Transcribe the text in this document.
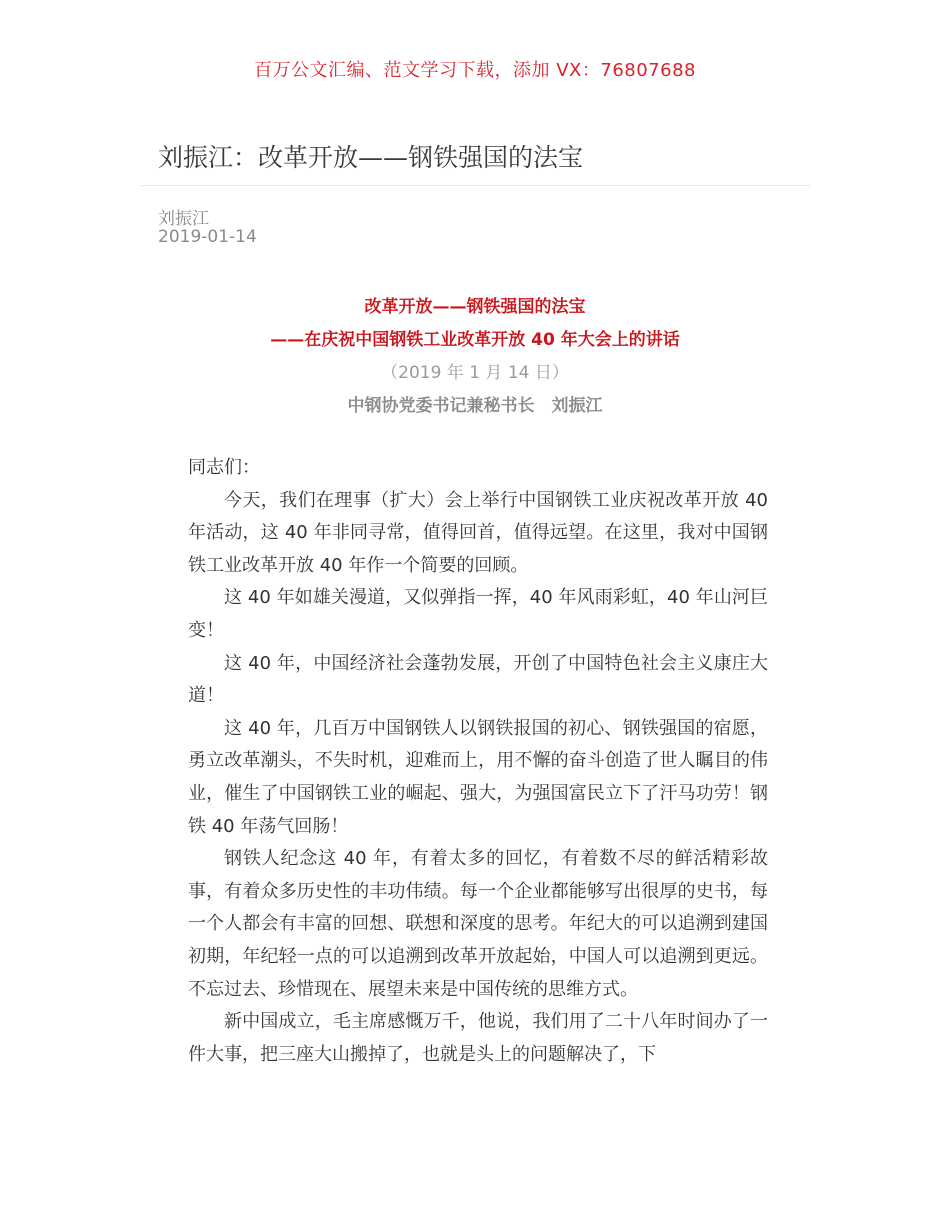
百万公文汇编、范文学习下载，添加 VX：76807688
刘振江：改革开放——钢铁强国的法宝
刘振江
2019-01-14
改革开放——钢铁强国的法宝
——在庆祝中国钢铁工业改革开放 40 年大会上的讲话
（2019 年 1 月 14 日）
中钢协党委书记兼秘书长　刘振江

同志们：

今天，我们在理事（扩大）会上举行中国钢铁工业庆祝改革开放 40 年活动，这 40 年非同寻常，值得回首，值得远望。在这里，我对中国钢铁工业改革开放 40 年作一个简要的回顾。

这 40 年如雄关漫道，又似弹指一挥，40 年风雨彩虹，40 年山河巨变！

这 40 年，中国经济社会蓬勃发展，开创了中国特色社会主义康庄大道！

这 40 年，几百万中国钢铁人以钢铁报国的初心、钢铁强国的宿愿，勇立改革潮头，不失时机，迎难而上，用不懈的奋斗创造了世人瞩目的伟业，催生了中国钢铁工业的崛起、强大，为强国富民立下了汗马功劳！钢铁 40 年荡气回肠！

钢铁人纪念这 40 年，有着太多的回忆，有着数不尽的鲜活精彩故事，有着众多历史性的丰功伟绩。每一个企业都能够写出很厚的史书，每一个人都会有丰富的回想、联想和深度的思考。年纪大的可以追溯到建国初期，年纪轻一点的可以追溯到改革开放起始，中国人可以追溯到更远。不忘过去、珍惜现在、展望未来是中国传统的思维方式。

新中国成立，毛主席感慨万千，他说，我们用了二十八年时间办了一件大事，把三座大山搬掉了，也就是头上的问题解决了，下
